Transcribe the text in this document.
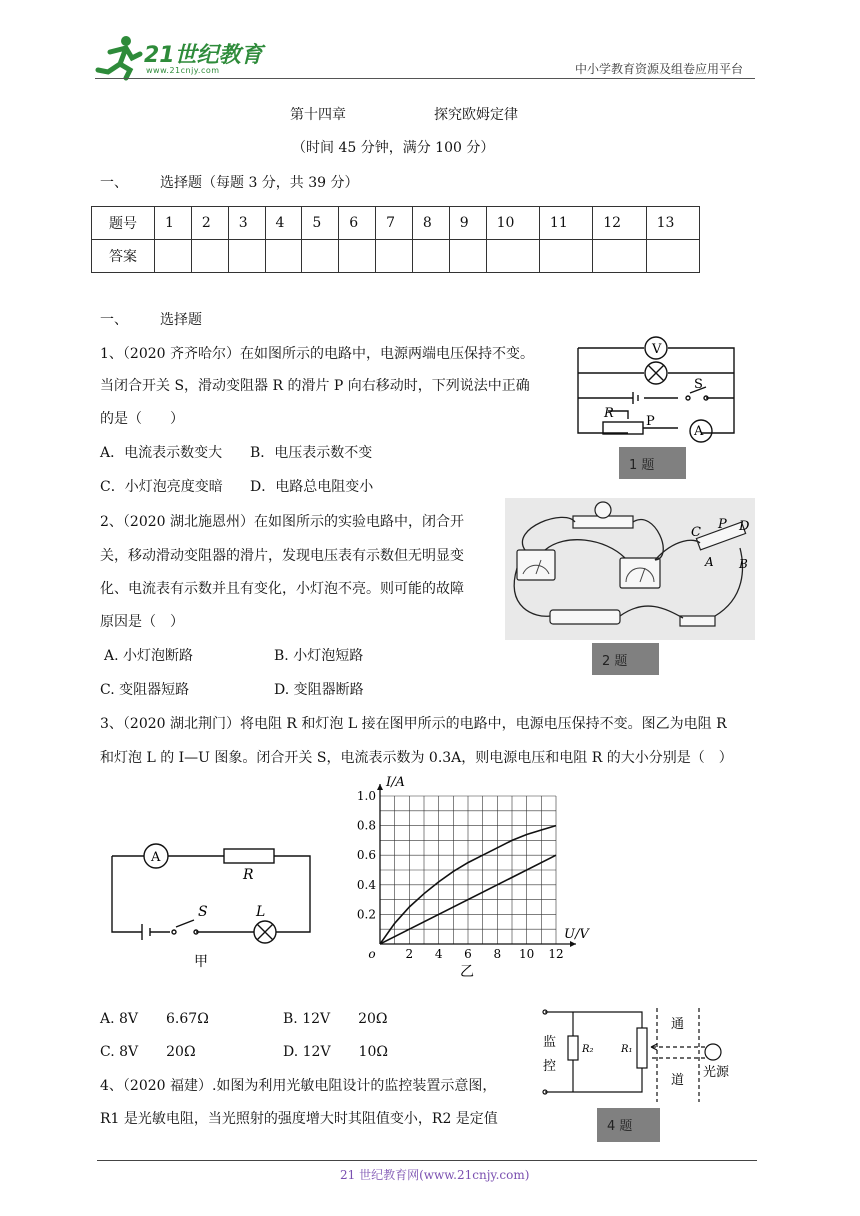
21世纪教育
www.21cnjy.com	中小学教育资源及组卷应用平台
第十四章	探究欧姆定律
（时间 45 分钟，满分 100 分）
一、 选择题（每题 3 分，共 39 分）
题号	1	2	3	4	5	6	7	8	9	10	11	12	13
答案													
一、 选择题
1、（2020 齐齐哈尔）在如图所示的电路中，电源两端电压保持不变。
当闭合开关 S，滑动变阻器 R 的滑片 P 向右移动时，下列说法中正确
的是（　　）
A．电流表示数变大 B．电压表示数不变
C．小灯泡亮度变暗 D．电路总电阻变小
V
A
S
R
P
1 题
2、（2020 湖北施恩州）在如图所示的实验电路中，闭合开
关，移动滑动变阻器的滑片，发现电压表有示数但无明显变
化、电流表有示数并且有变化，小灯泡不亮。则可能的故障
原因是（　）
A. 小灯泡断路	B. 小灯泡短路
C. 变阻器短路	D. 变阻器断路
C
P D
A B
2 题
3、（2020 湖北荆门）将电阻 R 和灯泡 L 接在图甲所示的电路中，电源电压保持不变。图乙为电阻 R
和灯泡 L 的 I—U 图象。闭合开关 S，电流表示数为 0.3A，则电源电压和电阻 R 的大小分别是（　）
A
R
S	L
甲	2 4 6 8 10 12
0.2
0.4
0.6
0.8
1.0
o
I/A
U/V
乙
A. 8V　　6.67Ω	B. 12V　　20Ω
C. 8V　　20Ω	D. 12V　　10Ω
4、（2020 福建）.如图为利用光敏电阻设计的监控装置示意图，
R1 是光敏电阻，当光照射的强度增大时其阻值变小，R2 是定值
监
控
R₂	R₁
通
道
光源
4 题
21 世纪教育网(www.21cnjy.com)
